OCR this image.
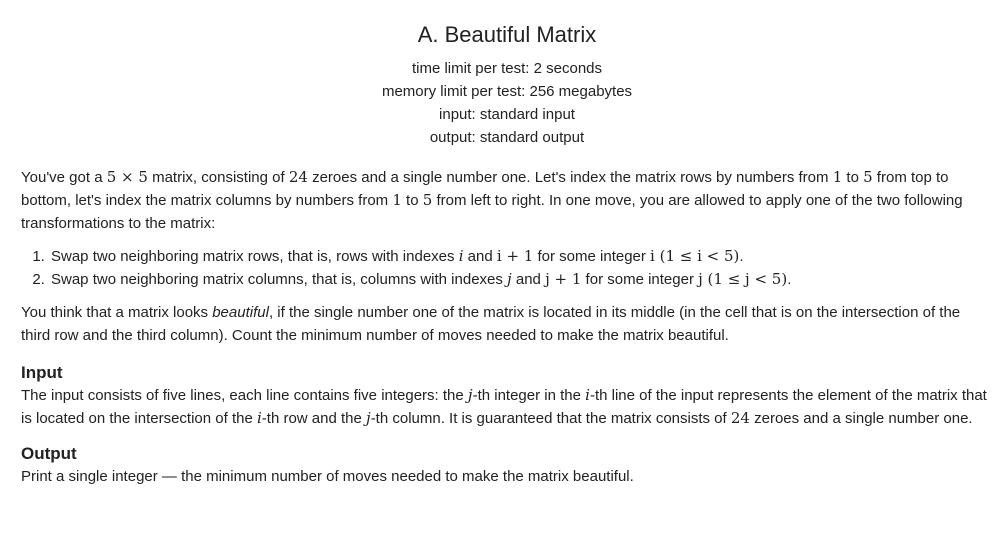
A. Beautiful Matrix
time limit per test: 2 seconds
memory limit per test: 256 megabytes
input: standard input
output: standard output

You've got a 5 × 5 matrix, consisting of 24 zeroes and a single number one. Let's index the matrix rows by numbers from 1 to 5 from top to bottom, let's index the matrix columns by numbers from 1 to 5 from left to right. In one move, you are allowed to apply one of the two following transformations to the matrix:

1. Swap two neighboring matrix rows, that is, rows with indexes i and i + 1 for some integer i (1 ≤ i < 5).
2. Swap two neighboring matrix columns, that is, columns with indexes j and j + 1 for some integer j (1 ≤ j < 5).

You think that a matrix looks beautiful, if the single number one of the matrix is located in its middle (in the cell that is on the intersection of the third row and the third column). Count the minimum number of moves needed to make the matrix beautiful.

Input

The input consists of five lines, each line contains five integers: the j-th integer in the i-th line of the input represents the element of the matrix that is located on the intersection of the i-th row and the j-th column. It is guaranteed that the matrix consists of 24 zeroes and a single number one.

Output

Print a single integer — the minimum number of moves needed to make the matrix beautiful.
